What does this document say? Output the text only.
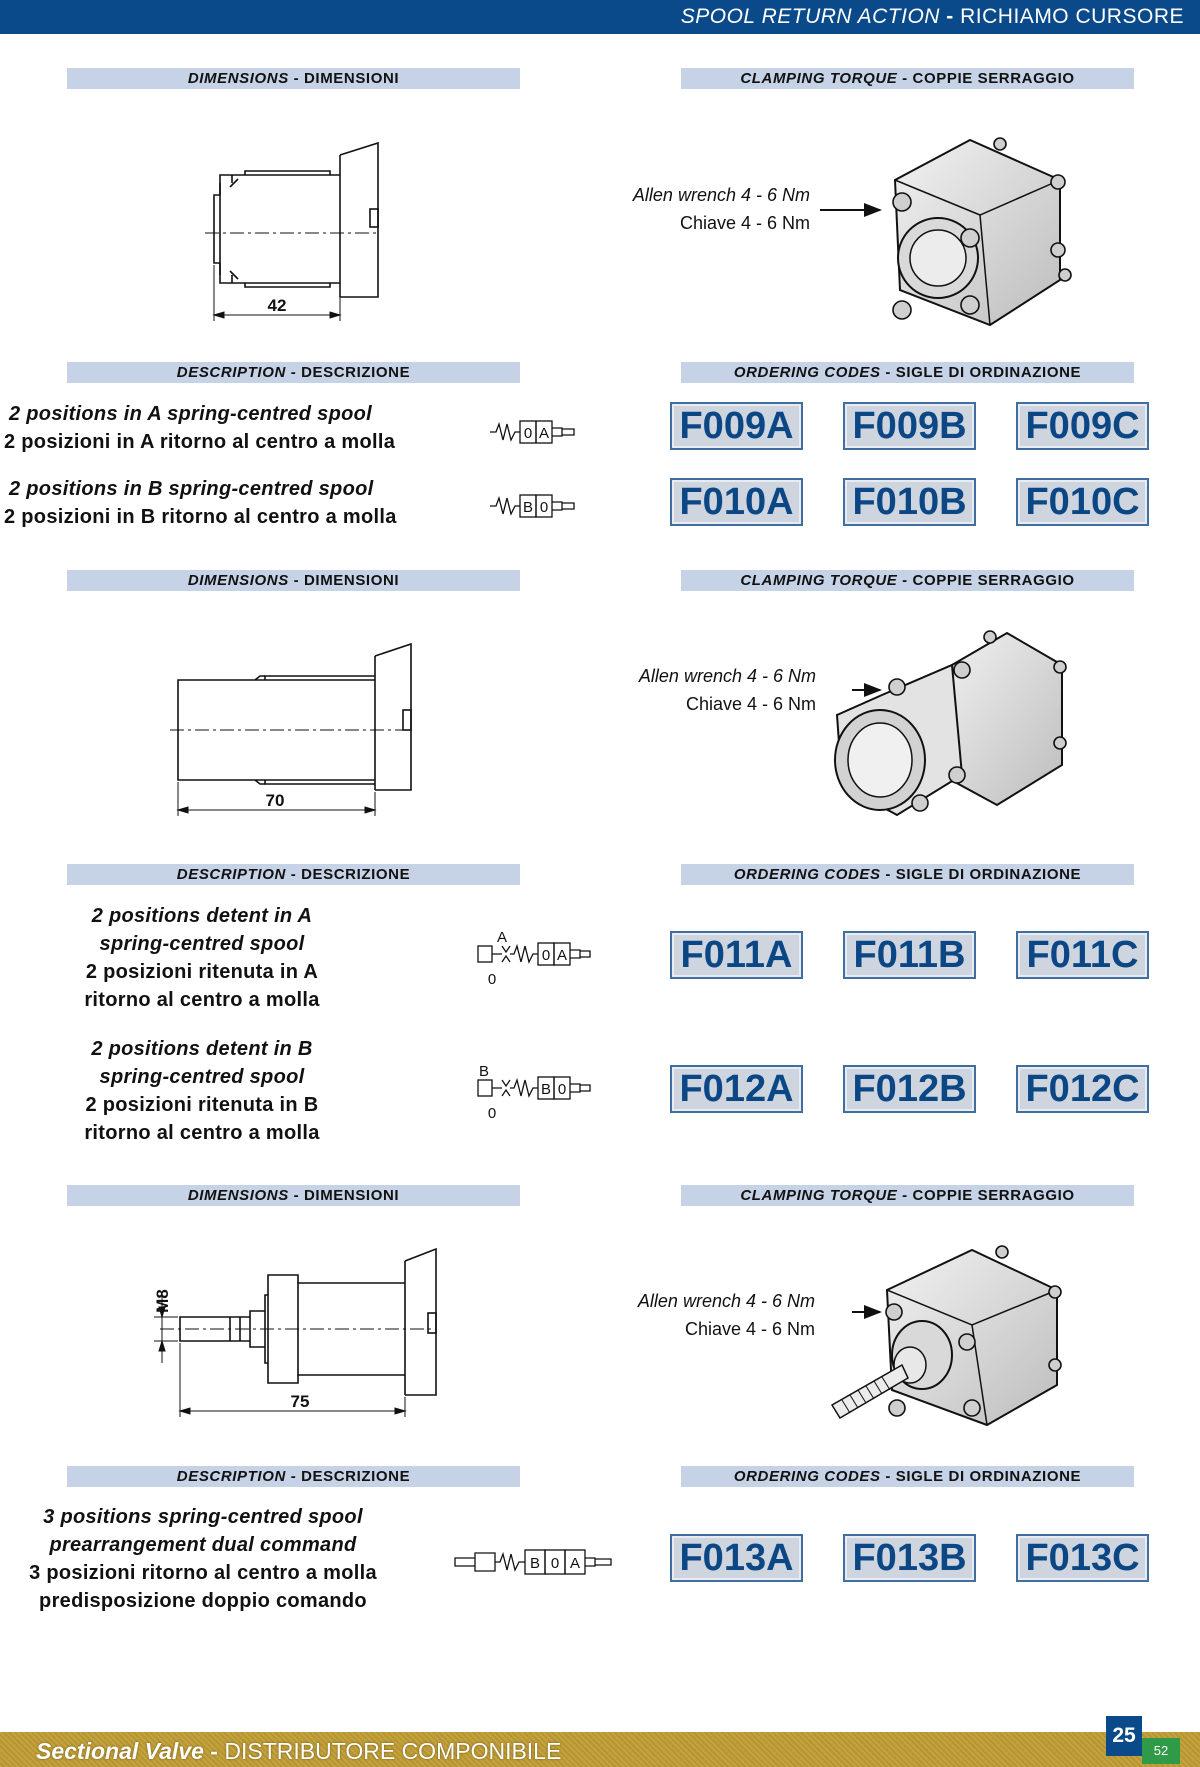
SPOOL RETURN ACTION - RICHIAMO CURSORE
DIMENSIONS - DIMENSIONI	CLAMPING TORQUE - COPPIE SERRAGGIO
42
Allen wrench 4 - 6 Nm
Chiave 4 - 6 Nm
DESCRIPTION - DESCRIZIONE	ORDERING CODES - SIGLE DI ORDINAZIONE
2 positions in A spring-centred spool
2 posizioni in A ritorno al centro a molla	0 A	F009A F009B F009C
2 positions in B spring-centred spool
2 posizioni in B ritorno al centro a molla	B 0	F010A F010B F010C
DIMENSIONS - DIMENSIONI	CLAMPING TORQUE - COPPIE SERRAGGIO
70
Allen wrench 4 - 6 Nm
Chiave 4 - 6 Nm
DESCRIPTION - DESCRIZIONE	ORDERING CODES - SIGLE DI ORDINAZIONE
2 positions detent in A
spring-centred spool
2 posizioni ritenuta in A
ritorno al centro a molla
A
0
0 A	F011A F011B F011C
2 positions detent in B
spring-centred spool
2 posizioni ritenuta in B
ritorno al centro a molla
B
0
B 0	F012A F012B F012C
DIMENSIONS - DIMENSIONI	CLAMPING TORQUE - COPPIE SERRAGGIO
75
M8	Allen wrench 4 - 6 Nm
Chiave 4 - 6 Nm
DESCRIPTION - DESCRIZIONE	ORDERING CODES - SIGLE DI ORDINAZIONE
3 positions spring-centred spool
prearrangement dual command
3 posizioni ritorno al centro a molla
predisposizione doppio comando
B 0 A	F013A F013B F013C
Sectional Valve - DISTRIBUTORE COMPONIBILE
25
52
